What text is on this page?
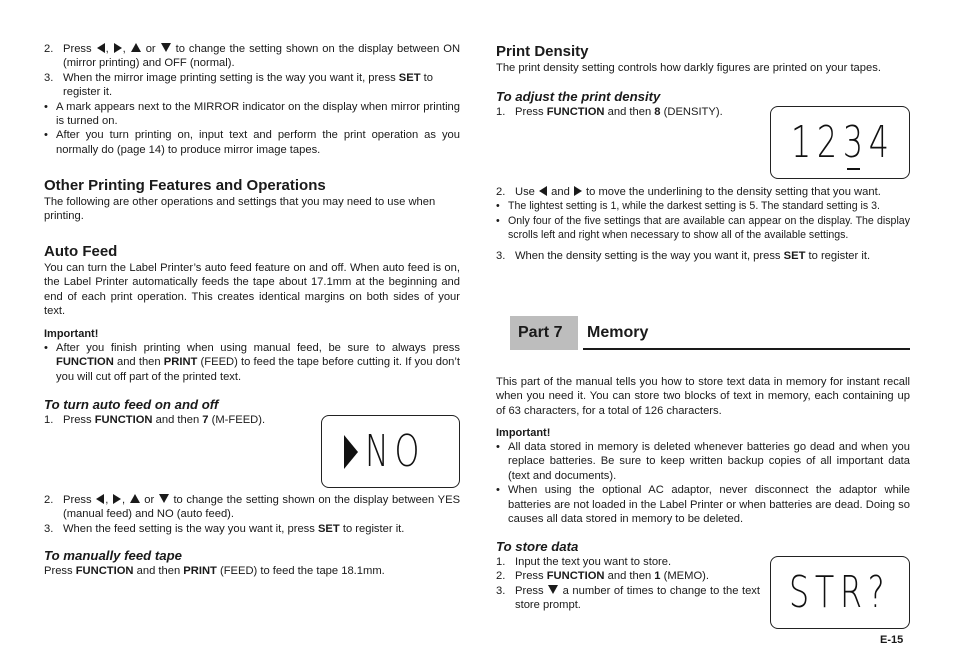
2. Press , , or to change the setting shown on the display between ON (mirror printing) and OFF (normal).
3. When the mirror image printing setting is the way you want it, press SET to register it.
• A mark appears next to the MIRROR indicator on the display when mirror printing is turned on.
• After you turn printing on, input text and perform the print operation as you normally do (page 14) to produce mirror image tapes.

Other Printing Features and Operations

The following are other operations and settings that you may need to use when printing.

Auto Feed

You can turn the Label Printer’s auto feed feature on and off. When auto feed is on, the Label Printer automatically feeds the tape about 17.1mm at the beginning and end of each print operation. This creates identical margins on both sides of your text.

Important!

• After you finish printing when using manual feed, be sure to always press FUNCTION and then PRINT (FEED) to feed the tape before cutting it. If you don’t you will cut off part of the printed text.

To turn auto feed on and off

1. Press FUNCTION and then 7 (M-FEED).
2. Press , , or to change the setting shown on the display between YES (manual feed) and NO (auto feed).
3. When the feed setting is the way you want it, press SET to register it.

To manually feed tape

Press FUNCTION and then PRINT (FEED) to feed the tape 18.1mm.

NO

Print Density

The print density setting controls how darkly figures are printed on your tapes.

To adjust the print density

1. Press FUNCTION and then 8 (DENSITY).
2. Use and to move the underlining to the density setting that you want.
• The lightest setting is 1, while the darkest setting is 5. The standard setting is 3.
• Only four of the five settings that are available can appear on the display. The display scrolls left and right when necessary to show all of the available settings.
3. When the density setting is the way you want it, press SET to register it.

This part of the manual tells you how to store text data in memory for instant recall when you need it. You can store two blocks of text in memory, each containing up of 63 characters, for a total of 126 characters.

Important!

• All data stored in memory is deleted whenever batteries go dead and when you replace batteries. Be sure to keep written backup copies of all important data (text and documents).
• When using the optional AC adaptor, never disconnect the adaptor while batteries are not loaded in the Label Printer or when batteries are dead. Doing so causes all data stored in memory to be deleted.

To store data

1. Input the text you want to store.
2. Press FUNCTION and then 1 (MEMO).
3. Press a number of times to change to the text store prompt.
1234
Part 7 Memory
STR?
E-15
